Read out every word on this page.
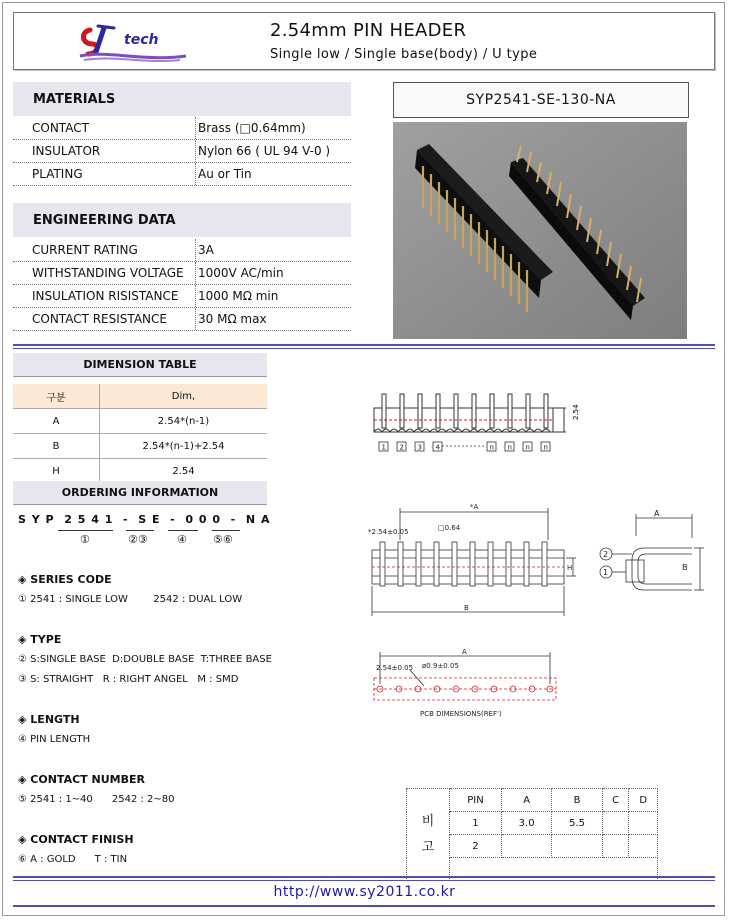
tech	2.54mm PIN HEADER
Single low / Single base(body) / U type
MATERIALS
CONTACT	Brass (□0.64mm)
INSULATOR	Nylon 66 ( UL 94 V-0 )
PLATING	Au or Tin
ENGINEERING DATA
CURRENT RATING	3A
WITHSTANDING VOLTAGE 1000V AC/min
INSULATION RISISTANCE 1000 MΩ min
CONTACT RESISTANCE	30 MΩ max
SYP2541-SE-130-NA
DIMENSION TABLE
구분	Dim,
A	2.54*(n-1)
B	2.54*(n-1)+2.54
H	2.54
ORDERING INFORMATION
S Y P  2 5 4 1  -  S E  -  0 0 0  -  N A
①	②③	④ ⑤⑥
◈ SERIES CODE
① 2541 : SINGLE LOW        2542 : DUAL LOW
◈ TYPE
② S:SINGLE BASE  D:DOUBLE BASE  T:THREE BASE
③ S: STRAIGHT   R : RIGHT ANGEL   M : SMD
◈ LENGTH
④ PIN LENGTH
◈ CONTACT NUMBER
⑤ 2541 : 1~40      2542 : 2~80
◈ CONTACT FINISH
⑥ A : GOLD      T : TIN
2.54
1 2 3 4	n n n n
*A
*2.54±0.05	□0.64
H
B
A
B
2
1
A
2.54±0.05 ø0.9±0.05
PCB DIMENSIONS(REF')
비
고	PIN	A	B	C	D
	1	3.0	5.5		
	2				

http://www.sy2011.co.kr
